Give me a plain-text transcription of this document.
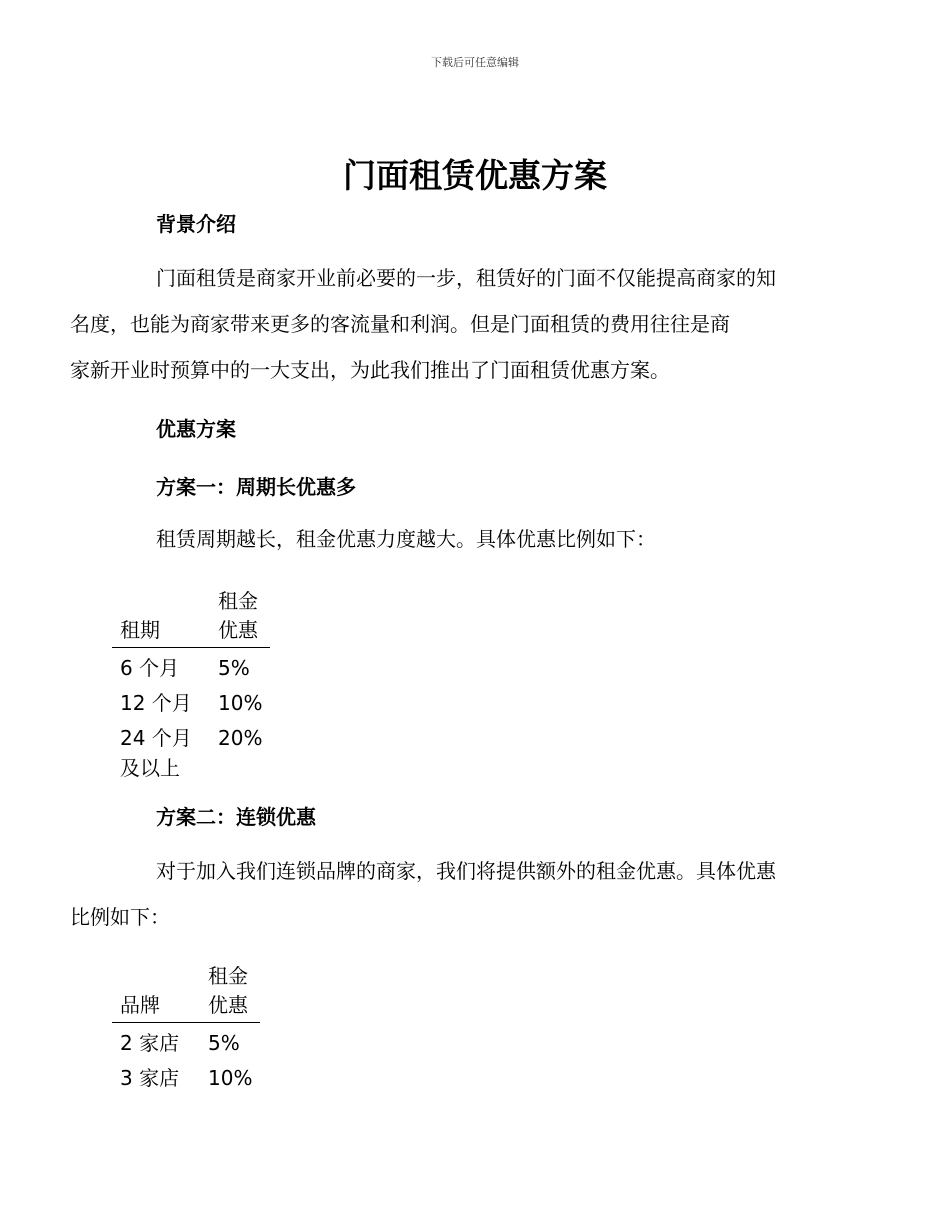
下载后可任意编辑
门面租赁优惠方案
背景介绍
门面租赁是商家开业前必要的一步，租赁好的门面不仅能提高商家的知
名度，也能为商家带来更多的客流量和利润。但是门面租赁的费用往往是商
家新开业时预算中的一大支出，为此我们推出了门面租赁优惠方案。
优惠方案
方案一：周期长优惠多
租赁周期越长，租金优惠力度越大。具体优惠比例如下：
租期	租金优惠
6 个月	5%
12 个月	10%
24 个月及以上	20%
方案二：连锁优惠
对于加入我们连锁品牌的商家，我们将提供额外的租金优惠。具体优惠
比例如下：
品牌	租金优惠
2 家店	5%
3 家店	10%
